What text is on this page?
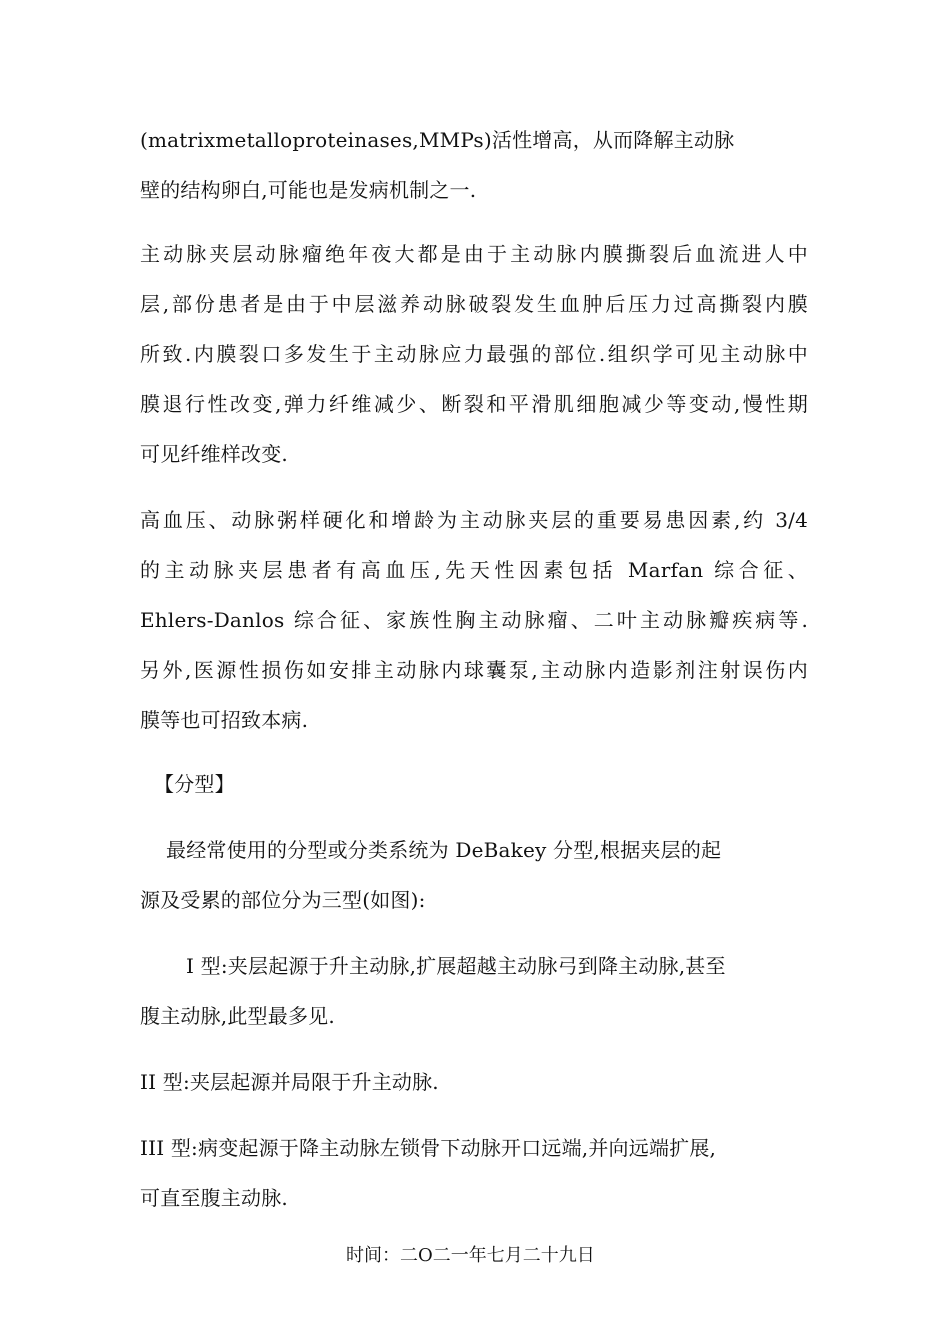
(matrixmetalloproteinases,MMPs)活性增高，从而降解主动脉
壁的结构卵白,可能也是发病机制之一.
主动脉夹层动脉瘤绝年夜大都是由于主动脉内膜撕裂后血流进人中
层,部份患者是由于中层滋养动脉破裂发生血肿后压力过高撕裂内膜
所致.内膜裂口多发生于主动脉应力最强的部位.组织学可见主动脉中
膜退行性改变,弹力纤维减少、断裂和平滑肌细胞减少等变动,慢性期
可见纤维样改变.
高血压、动脉粥样硬化和增龄为主动脉夹层的重要易患因素,约 3/4
的主动脉夹层患者有高血压,先天性因素包括 Marfan 综合征、
Ehlers-Danlos 综合征、家族性胸主动脉瘤、二叶主动脉瓣疾病等.
另外,医源性损伤如安排主动脉内球囊泵,主动脉内造影剂注射误伤内
膜等也可招致本病.
【分型】
最经常使用的分型或分类系统为 DeBakey 分型,根据夹层的起
源及受累的部位分为三型(如图):
I 型:夹层起源于升主动脉,扩展超越主动脉弓到降主动脉,甚至
腹主动脉,此型最多见.
II 型:夹层起源并局限于升主动脉.
III 型:病变起源于降主动脉左锁骨下动脉开口远端,并向远端扩展,
可直至腹主动脉.
时间：二O二一年七月二十九日
